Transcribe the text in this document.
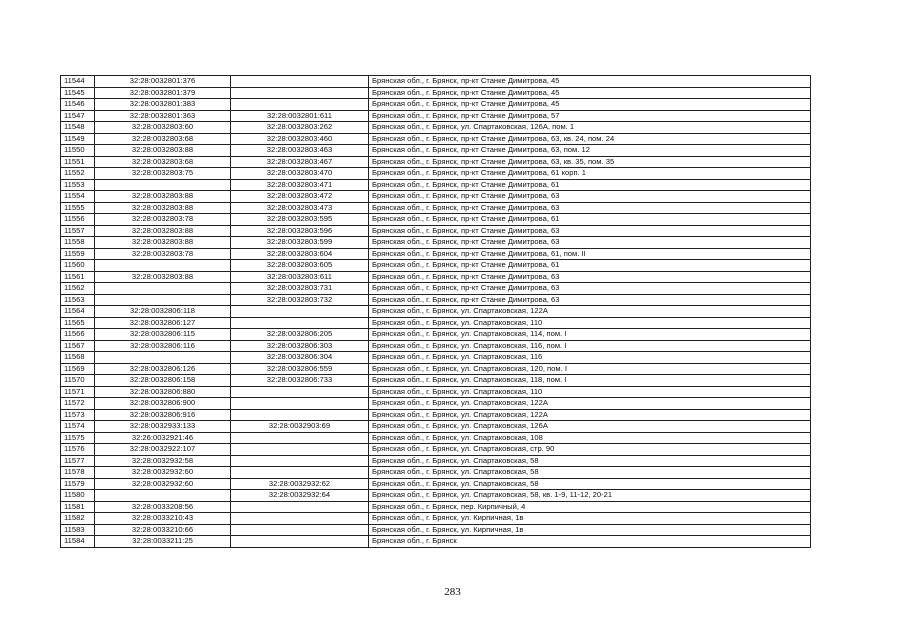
11544	32:28:0032801:376		Брянская обл., г. Брянск, пр-кт Станке Димитрова, 45
11545	32:28:0032801:379		Брянская обл., г. Брянск, пр-кт Станке Димитрова, 45
11546	32:28:0032801:383		Брянская обл., г. Брянск, пр-кт Станке Димитрова, 45
11547	32:28:0032801:363	32:28:0032801:611	Брянская обл., г. Брянск, пр-кт Станке Димитрова, 57
11548	32:28:0032803:60	32:28:0032803:262	Брянская обл., г. Брянск, ул. Спартаковская, 126А, пом. 1
11549	32:28:0032803:68	32:28:0032803:460	Брянская обл., г. Брянск, пр-кт Станке Димитрова, 63, кв. 24, пом. 24
11550	32:28:0032803:88	32:28:0032803:463	Брянская обл., г. Брянск, пр-кт Станке Димитрова, 63, пом. 12
11551	32:28:0032803:68	32:28:0032803:467	Брянская обл., г. Брянск, пр-кт Станке Димитрова, 63, кв. 35, пом. 35
11552	32:28:0032803:75	32:28:0032803:470	Брянская обл., г. Брянск, пр-кт Станке Димитрова, 61 корп. 1
11553		32:28:0032803:471	Брянская обл., г. Брянск, пр-кт Станке Димитрова, 61
11554	32:28:0032803:88	32:28:0032803:472	Брянская обл., г. Брянск, пр-кт Станке Димитрова, 63
11555	32:28:0032803:88	32:28:0032803:473	Брянская обл., г. Брянск, пр-кт Станке Димитрова, 63
11556	32:28:0032803:78	32:28:0032803:595	Брянская обл., г. Брянск, пр-кт Станке Димитрова, 61
11557	32:28:0032803:88	32:28:0032803:596	Брянская обл., г. Брянск, пр-кт Станке Димитрова, 63
11558	32:28:0032803:88	32:28:0032803:599	Брянская обл., г. Брянск, пр-кт Станке Димитрова, 63
11559	32:28:0032803:78	32:28:0032803:604	Брянская обл., г. Брянск, пр-кт Станке Димитрова, 61, пом. II
11560		32:28:0032803:605	Брянская обл., г. Брянск, пр-кт Станке Димитрова, 61
11561	32:28:0032803:88	32:28:0032803:611	Брянская обл., г. Брянск, пр-кт Станке Димитрова, 63
11562		32:28:0032803:731	Брянская обл., г. Брянск, пр-кт Станке Димитрова, 63
11563		32:28:0032803:732	Брянская обл., г. Брянск, пр-кт Станке Димитрова, 63
11564	32:28:0032806:118		Брянская обл., г. Брянск, ул. Спартаковская, 122А
11565	32:28:0032806:127		Брянская обл., г. Брянск, ул. Спартаковская, 110
11566	32:28:0032806:115	32:28:0032806:205	Брянская обл., г. Брянск, ул. Спартаковская, 114, пом. I
11567	32:28:0032806:116	32:28:0032806:303	Брянская обл., г. Брянск, ул. Спартаковская, 116, пом. I
11568		32:28:0032806:304	Брянская обл., г. Брянск, ул. Спартаковская, 116
11569	32:28:0032806:126	32:28:0032806:559	Брянская обл., г. Брянск, ул. Спартаковская, 120, пом. I
11570	32:28:0032806:158	32:28:0032806:733	Брянская обл., г. Брянск, ул. Спартаковская, 118, пом. I
11571	32:28:0032806:880		Брянская обл., г. Брянск, ул. Спартаковская, 110
11572	32:28:0032806:900		Брянская обл., г. Брянск, ул. Спартаковская, 122А
11573	32:28:0032806:916		Брянская обл., г. Брянск, ул. Спартаковская, 122А
11574	32:28:0032933:133	32:28:0032903:69	Брянская обл., г. Брянск, ул. Спартаковская, 126А
11575	32:26:0032921:46		Брянская обл., г. Брянск, ул. Спартаковская, 108
11576	32:28:0032922:107		Брянская обл., г. Брянск, ул. Спартаковская, стр. 90
11577	32:28:0032932:58		Брянская обл., г. Брянск, ул. Спартаковская, 58
11578	32:28:0032932:60		Брянская обл., г. Брянск, ул. Спартаковская, 58
11579	32:28:0032932:60	32:28:0032932:62	Брянская обл., г. Брянск, ул. Спартаковская, 58
11580		32:28:0032932:64	Брянская обл., г. Брянск, ул. Спартаковская, 58, кв. 1-9, 11-12, 20-21
11581	32:28:0033208:56		Брянская обл., г. Брянск, пер. Кирпичный, 4
11582	32:28:0033210:43		Брянская обл., г. Брянск, ул. Кирпичная, 1в
11583	32:28:0033210:66		Брянская обл., г. Брянск, ул. Кирпичная, 1в
11584	32:28:0033211:25		Брянская обл., г. Брянск
283
